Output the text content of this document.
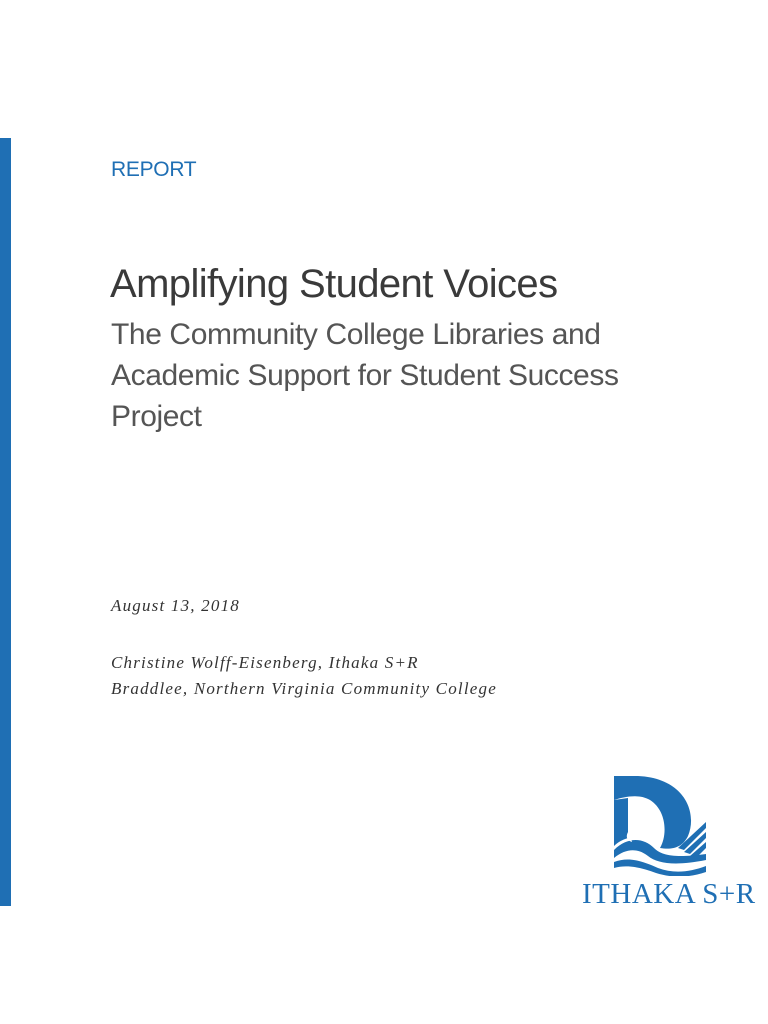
REPORT
Amplifying Student Voices
The Community College Libraries and Academic Support for Student Success Project
August 13, 2018
Christine Wolff-Eisenberg, Ithaka S+R
Braddlee, Northern Virginia Community College
ITHAKA S+R
